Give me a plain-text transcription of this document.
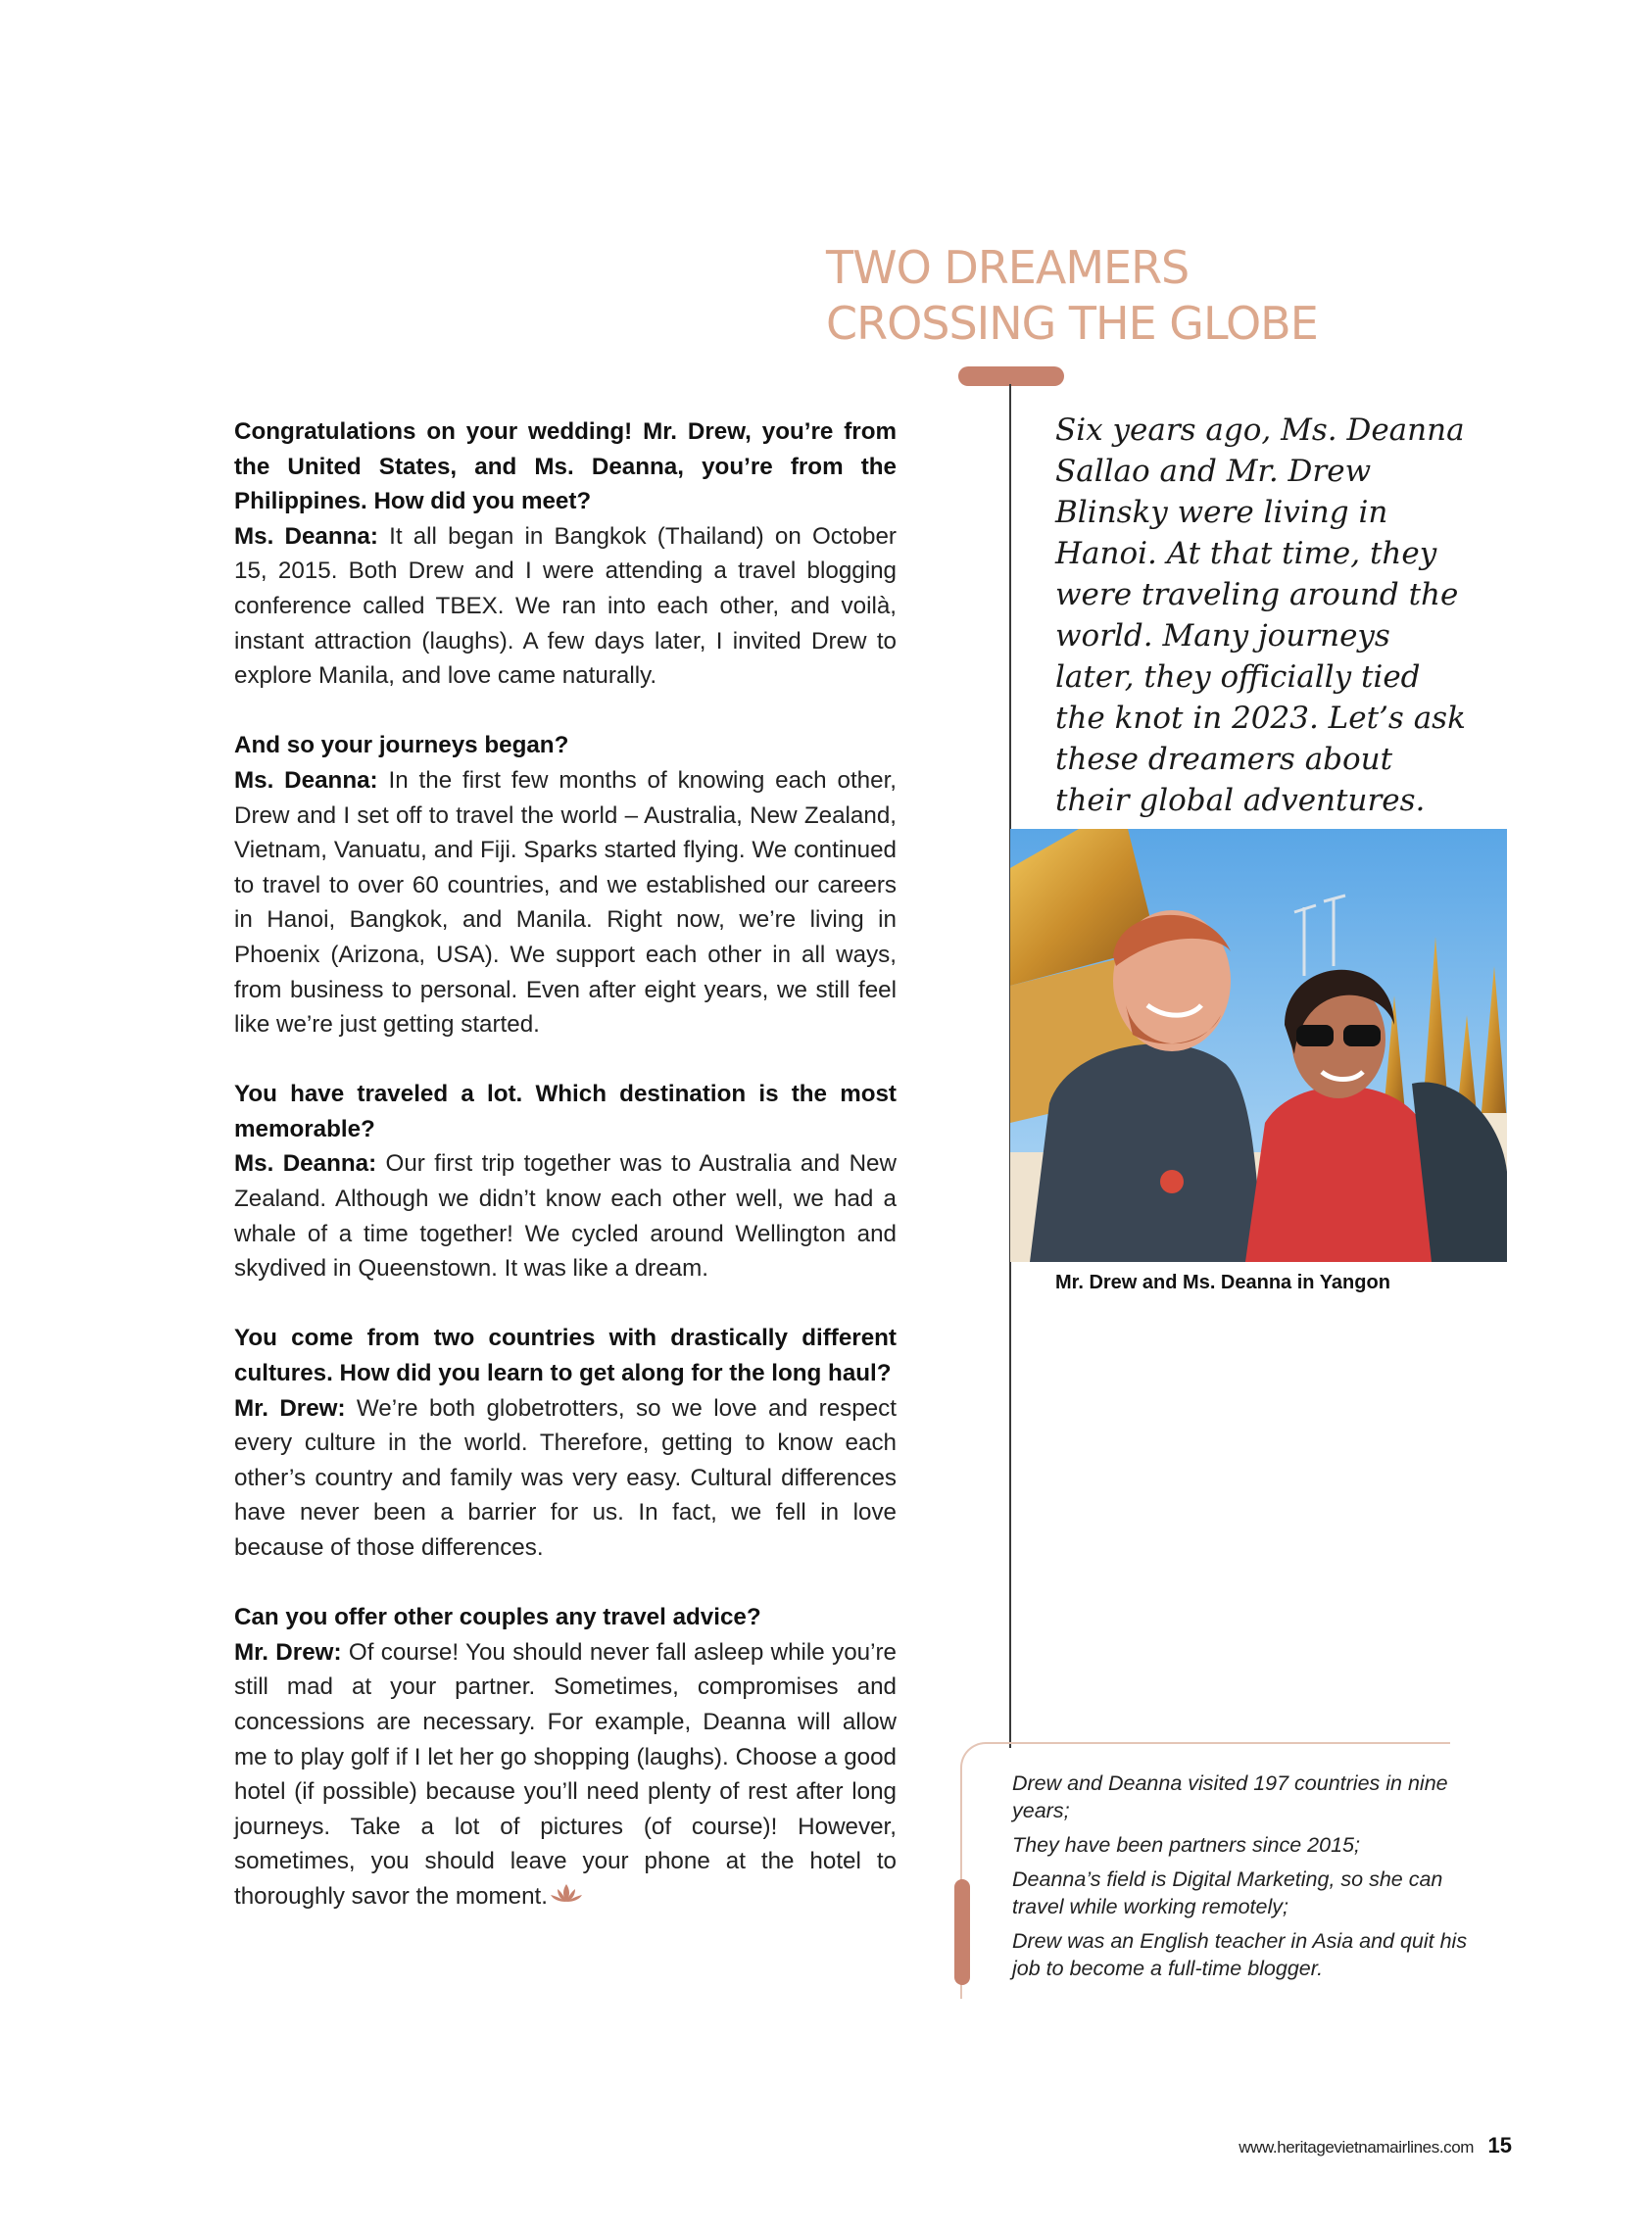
TWO DREAMERS
CROSSING THE GLOBE

Congratulations on your wedding! Mr. Drew, you’re from the United States, and Ms. Deanna, you’re from the Philippines. How did you meet?

Ms. Deanna: It all began in Bangkok (Thailand) on October 15, 2015. Both Drew and I were attending a travel blogging conference called TBEX. We ran into each other, and voilà, instant attraction (laughs). A few days later, I invited Drew to explore Manila, and love came naturally.

And so your journeys began?

Ms. Deanna: In the first few months of knowing each other, Drew and I set off to travel the world – Australia, New Zealand, Vietnam, Vanuatu, and Fiji. Sparks started flying. We continued to travel to over 60 countries, and we established our careers in Hanoi, Bangkok, and Manila. Right now, we’re living in Phoenix (Arizona, USA). We support each other in all ways, from business to personal. Even after eight years, we still feel like we’re just getting started.

You have traveled a lot. Which destination is the most memorable?

Ms. Deanna: Our first trip together was to Australia and New Zealand. Although we didn’t know each other well, we had a whale of a time together! We cycled around Wellington and skydived in Queenstown. It was like a dream.

You come from two countries with drastically different cultures. How did you learn to get along for the long haul?

Mr. Drew: We’re both globetrotters, so we love and respect every culture in the world. Therefore, getting to know each other’s country and family was very easy. Cultural differences have never been a barrier for us. In fact, we fell in love because of those differences.

Can you offer other couples any travel advice?

Mr. Drew: Of course! You should never fall asleep while you’re still mad at your partner. Sometimes, compromises and concessions are necessary. For example, Deanna will allow me to play golf if I let her go shopping (laughs). Choose a good hotel (if possible) because you’ll need plenty of rest after long journeys. Take a lot of pictures (of course)! However, sometimes, you should leave your phone at the hotel to thoroughly savor the moment.

Six years ago, Ms. Deanna Sallao and Mr. Drew Blinsky were living in Hanoi. At that time, they were traveling around the world. Many journeys later, they officially tied the knot in 2023. Let’s ask these dreamers about their global adventures.

Mr. Drew and Ms. Deanna in Yangon
Drew and Deanna visited 197 countries in nine years;
They have been partners since 2015;
Deanna’s field is Digital Marketing, so she can travel while working remotely;
Drew was an English teacher in Asia and quit his job to become a full-time blogger.
www.heritagevietnamairlines.com 15
